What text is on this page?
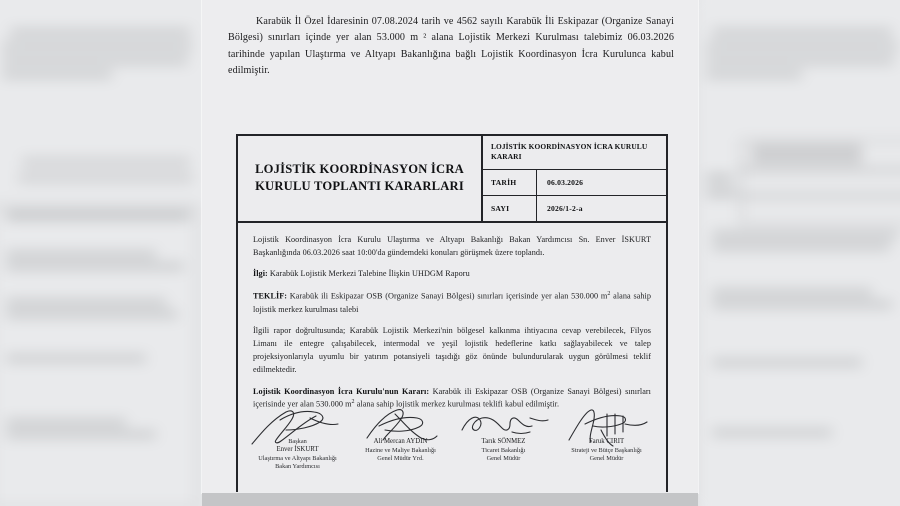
Karabük İl Özel İdaresinin 07.08.2024 tarih ve 4562 sayılı Karabük İli Eskipazar (Organize Sanayi Bölgesi) sınırları içinde yer alan 53.000 m ² alana Lojistik Merkezi Kurulması talebimiz 06.03.2026 tarihinde yapılan Ulaştırma ve Altyapı Bakanlığına bağlı Lojistik Koordinasyon İcra Kurulunca kabul edilmiştir.
LOJİSTİK KOORDİNASYON İCRA KURULU TOPLANTI KARARLARI
LOJİSTİK KOORDİNASYON İCRA KURULU KARARI
TARİH	06.03.2026
SAYI	2026/1-2-a

Lojistik Koordinasyon İcra Kurulu Ulaştırma ve Altyapı Bakanlığı Bakan Yardımcısı Sn. Enver İSKURT Başkanlığında 06.03.2026 saat 10:00'da gündemdeki konuları görüşmek üzere toplandı.

İlgi: Karabük Lojistik Merkezi Talebine İlişkin UHDGM Raporu

TEKLİF: Karabük ili Eskipazar OSB (Organize Sanayi Bölgesi) sınırları içerisinde yer alan 530.000 $m^2$ alana sahip lojistik merkez kurulması talebi

İlgili rapor doğrultusunda; Karabük Lojistik Merkezi'nin bölgesel kalkınma ihtiyacına cevap verebilecek, Filyos Limanı ile entegre çalışabilecek, intermodal ve yeşil lojistik hedeflerine katkı sağlayabilecek ve talep projeksiyonlarıyla uyumlu bir yatırım potansiyeli taşıdığı göz önünde bulundurularak uygun görülmesi teklif edilmektedir.

Lojistik Koordinasyon İcra Kurulu'nun Kararı: Karabük ili Eskipazar OSB (Organize Sanayi Bölgesi) sınırları içerisinde yer alan 530.000 $m^2$ alana sahip lojistik merkez kurulması teklifi kabul edilmiştir.

Başkan
Enver İSKURT
Ulaştırma ve Altyapı Bakanlığı
Bakan Yardımcısı
Ali Mercan AYDIN
Hazine ve Maliye Bakanlığı
Genel Müdür Yrd.
Tarık SÖNMEZ
Ticaret Bakanlığı
Genel Müdür
Faruk CIRIT
Strateji ve Bütçe Başkanlığı
Genel Müdür
